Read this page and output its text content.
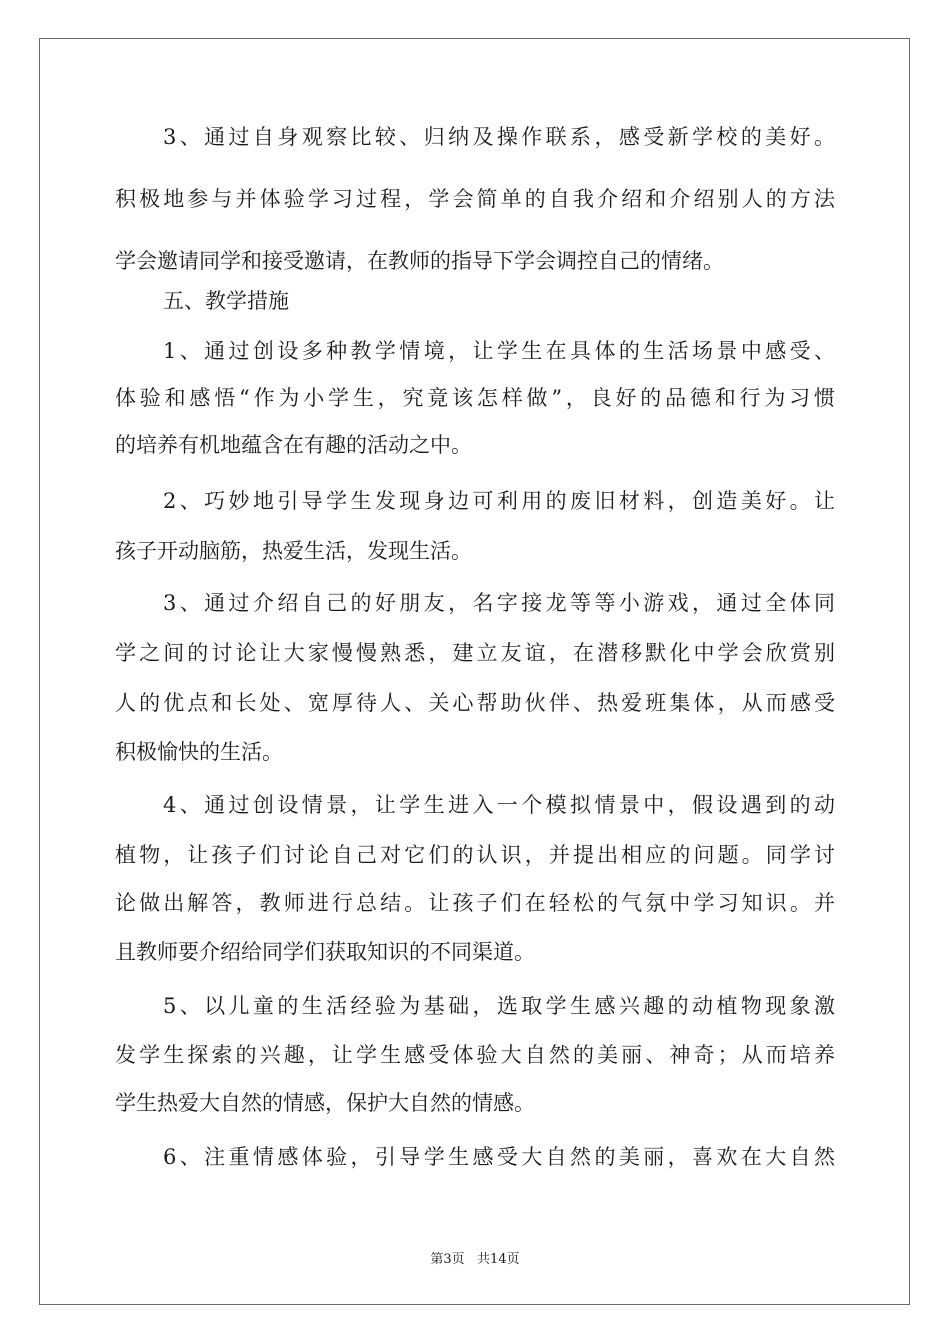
3、通过自身观察比较、归纳及操作联系，感受新学校的美好。
积极地参与并体验学习过程，学会简单的自我介绍和介绍别人的方法
学会邀请同学和接受邀请，在教师的指导下学会调控自己的情绪。
五、教学措施
1、通过创设多种教学情境，让学生在具体的生活场景中感受、
体验和感悟“作为小学生，究竟该怎样做”，良好的品德和行为习惯
的培养有机地蕴含在有趣的活动之中。
2、巧妙地引导学生发现身边可利用的废旧材料，创造美好。让
孩子开动脑筋，热爱生活，发现生活。
3、通过介绍自己的好朋友，名字接龙等等小游戏，通过全体同
学之间的讨论让大家慢慢熟悉，建立友谊，在潜移默化中学会欣赏别
人的优点和长处、宽厚待人、关心帮助伙伴、热爱班集体，从而感受
积极愉快的生活。
4、通过创设情景，让学生进入一个模拟情景中，假设遇到的动
植物，让孩子们讨论自己对它们的认识，并提出相应的问题。同学讨
论做出解答，教师进行总结。让孩子们在轻松的气氛中学习知识。并
且教师要介绍给同学们获取知识的不同渠道。
5、以儿童的生活经验为基础，选取学生感兴趣的动植物现象激
发学生探索的兴趣，让学生感受体验大自然的美丽、神奇；从而培养
学生热爱大自然的情感，保护大自然的情感。
6、注重情感体验，引导学生感受大自然的美丽，喜欢在大自然
第3页   共14页
